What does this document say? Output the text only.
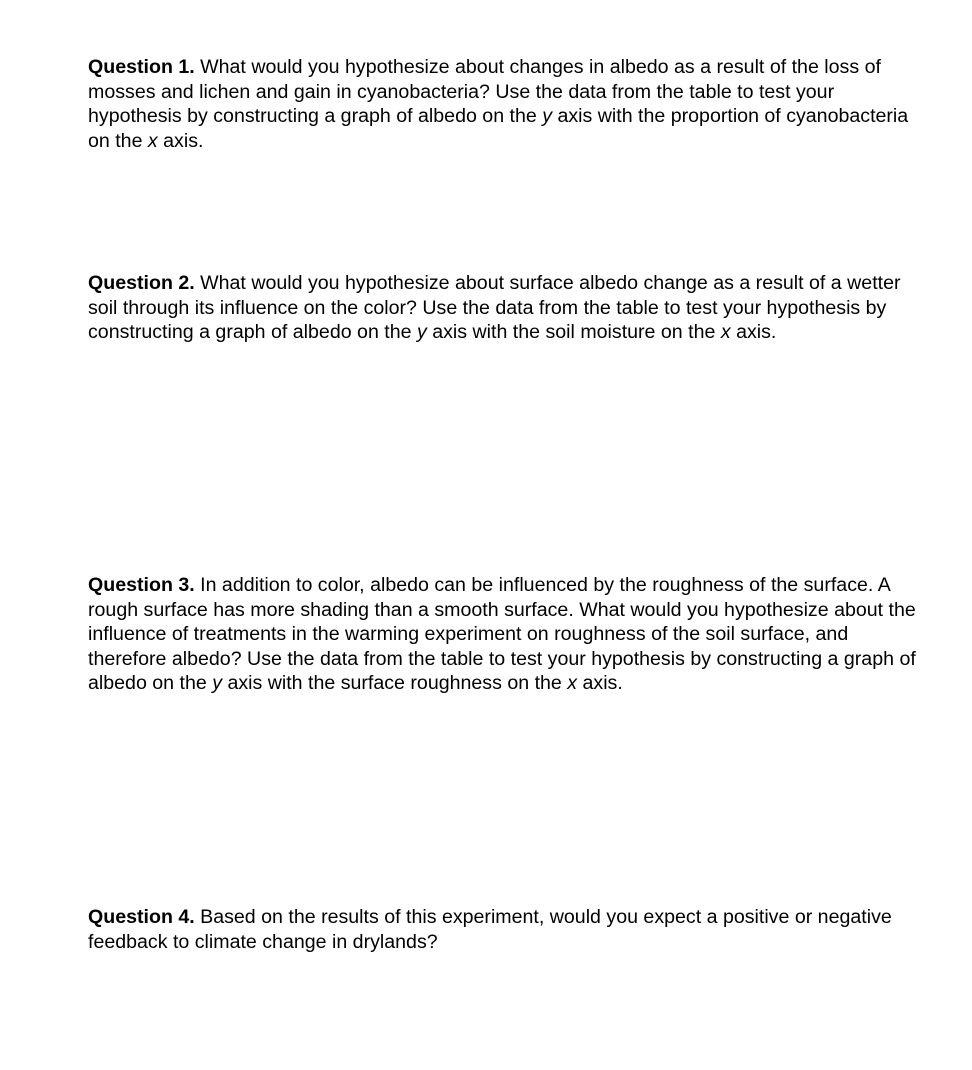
Question 1. What would you hypothesize about changes in albedo as a result of the loss of mosses and lichen and gain in cyanobacteria? Use the data from the table to test your hypothesis by constructing a graph of albedo on the y axis with the proportion of cyanobacteria on the x axis.

Question 2. What would you hypothesize about surface albedo change as a result of a wetter soil through its influence on the color? Use the data from the table to test your hypothesis by constructing a graph of albedo on the y axis with the soil moisture on the x axis.

Question 3. In addition to color, albedo can be influenced by the roughness of the surface. A rough surface has more shading than a smooth surface. What would you hypothesize about the influence of treatments in the warming experiment on roughness of the soil surface, and therefore albedo? Use the data from the table to test your hypothesis by constructing a graph of albedo on the y axis with the surface roughness on the x axis.

Question 4. Based on the results of this experiment, would you expect a positive or negative feedback to climate change in drylands?
